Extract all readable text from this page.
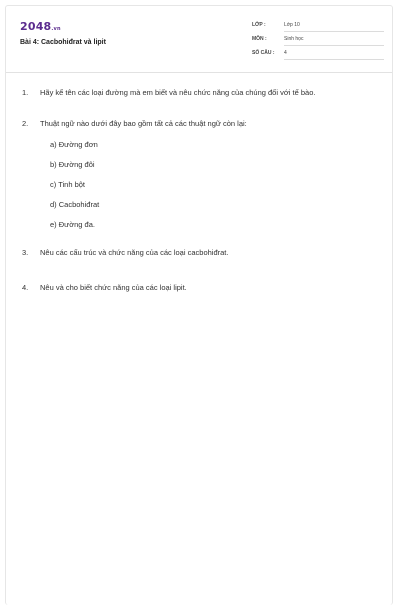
2048.vn
Bài 4: Cacbohiđrat và lipit
LỚP :	Lớp 10
MÔN :	Sinh học
SỐ CÂU : 4
1. Hãy kể tên các loại đường mà em biết và nêu chức năng của chúng đối với tế bào.
2. Thuật ngữ nào dưới đây bao gồm tất cả các thuật ngữ còn lại:
a) Đường đơn
b) Đường đôi
c) Tinh bột
d) Cacbohiđrat
e) Đường đa.
3. Nêu các cấu trúc và chức năng của các loại cacbohiđrat.
4. Nêu và cho biết chức năng của các loại lipit.
